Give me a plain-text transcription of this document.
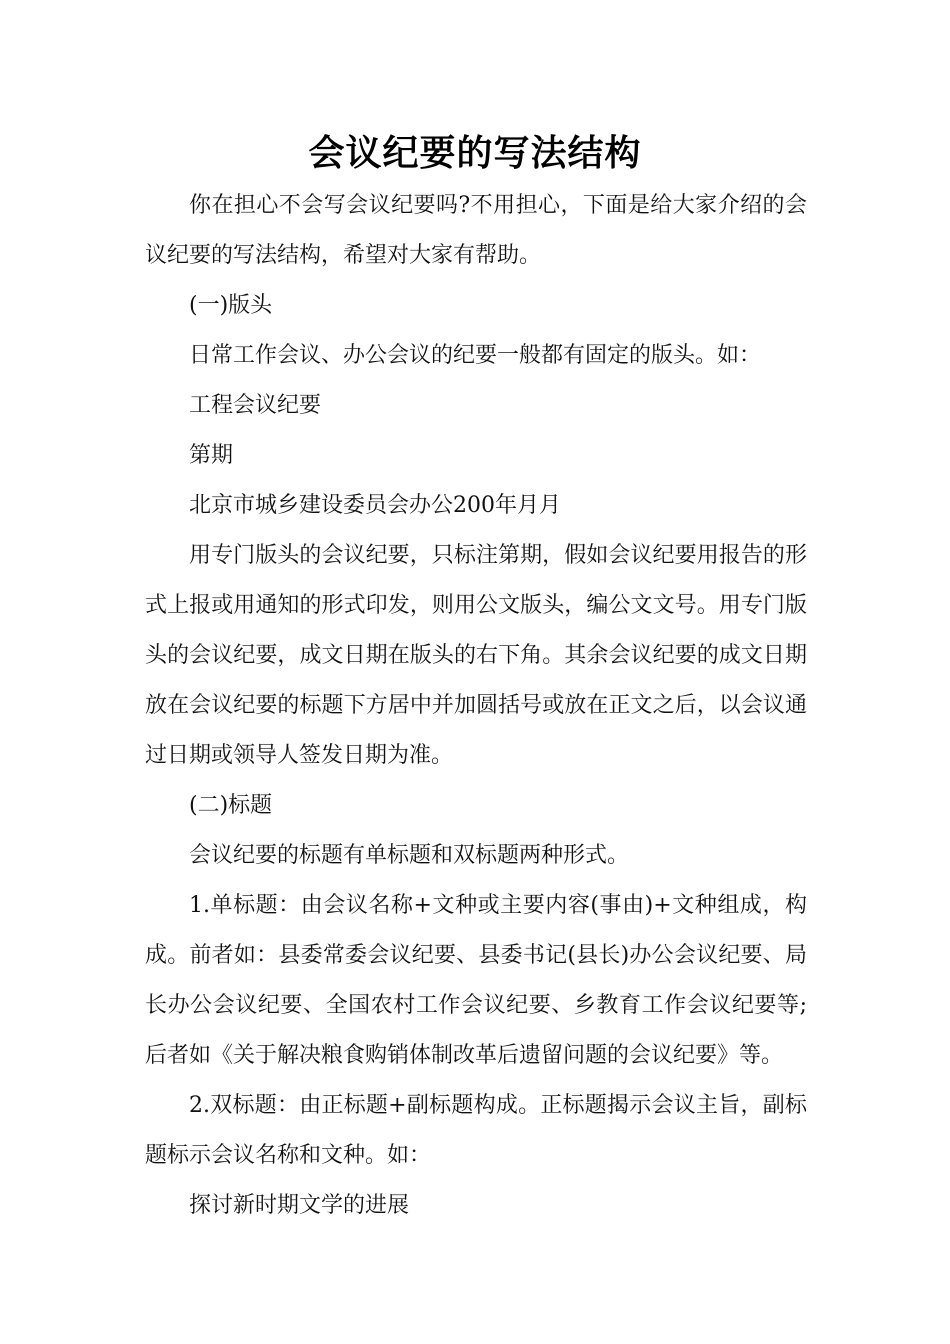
会议纪要的写法结构

你在担心不会写会议纪要吗?不用担心，下面是给大家介绍的会议纪要的写法结构，希望对大家有帮助。

(一)版头

日常工作会议、办公会议的纪要一般都有固定的版头。如：

工程会议纪要

第期

北京市城乡建设委员会办公200年月月

用专门版头的会议纪要，只标注第期，假如会议纪要用报告的形式上报或用通知的形式印发，则用公文版头，编公文文号。用专门版头的会议纪要，成文日期在版头的右下角。其余会议纪要的成文日期放在会议纪要的标题下方居中并加圆括号或放在正文之后，以会议通过日期或领导人签发日期为准。

(二)标题

会议纪要的标题有单标题和双标题两种形式。

1.单标题：由会议名称+文种或主要内容(事由)+文种组成，构成。前者如：县委常委会议纪要、县委书记(县长)办公会议纪要、局长办公会议纪要、全国农村工作会议纪要、乡教育工作会议纪要等;后者如《关于解决粮食购销体制改革后遗留问题的会议纪要》等。

2.双标题：由正标题+副标题构成。正标题揭示会议主旨，副标题标示会议名称和文种。如：

探讨新时期文学的进展
